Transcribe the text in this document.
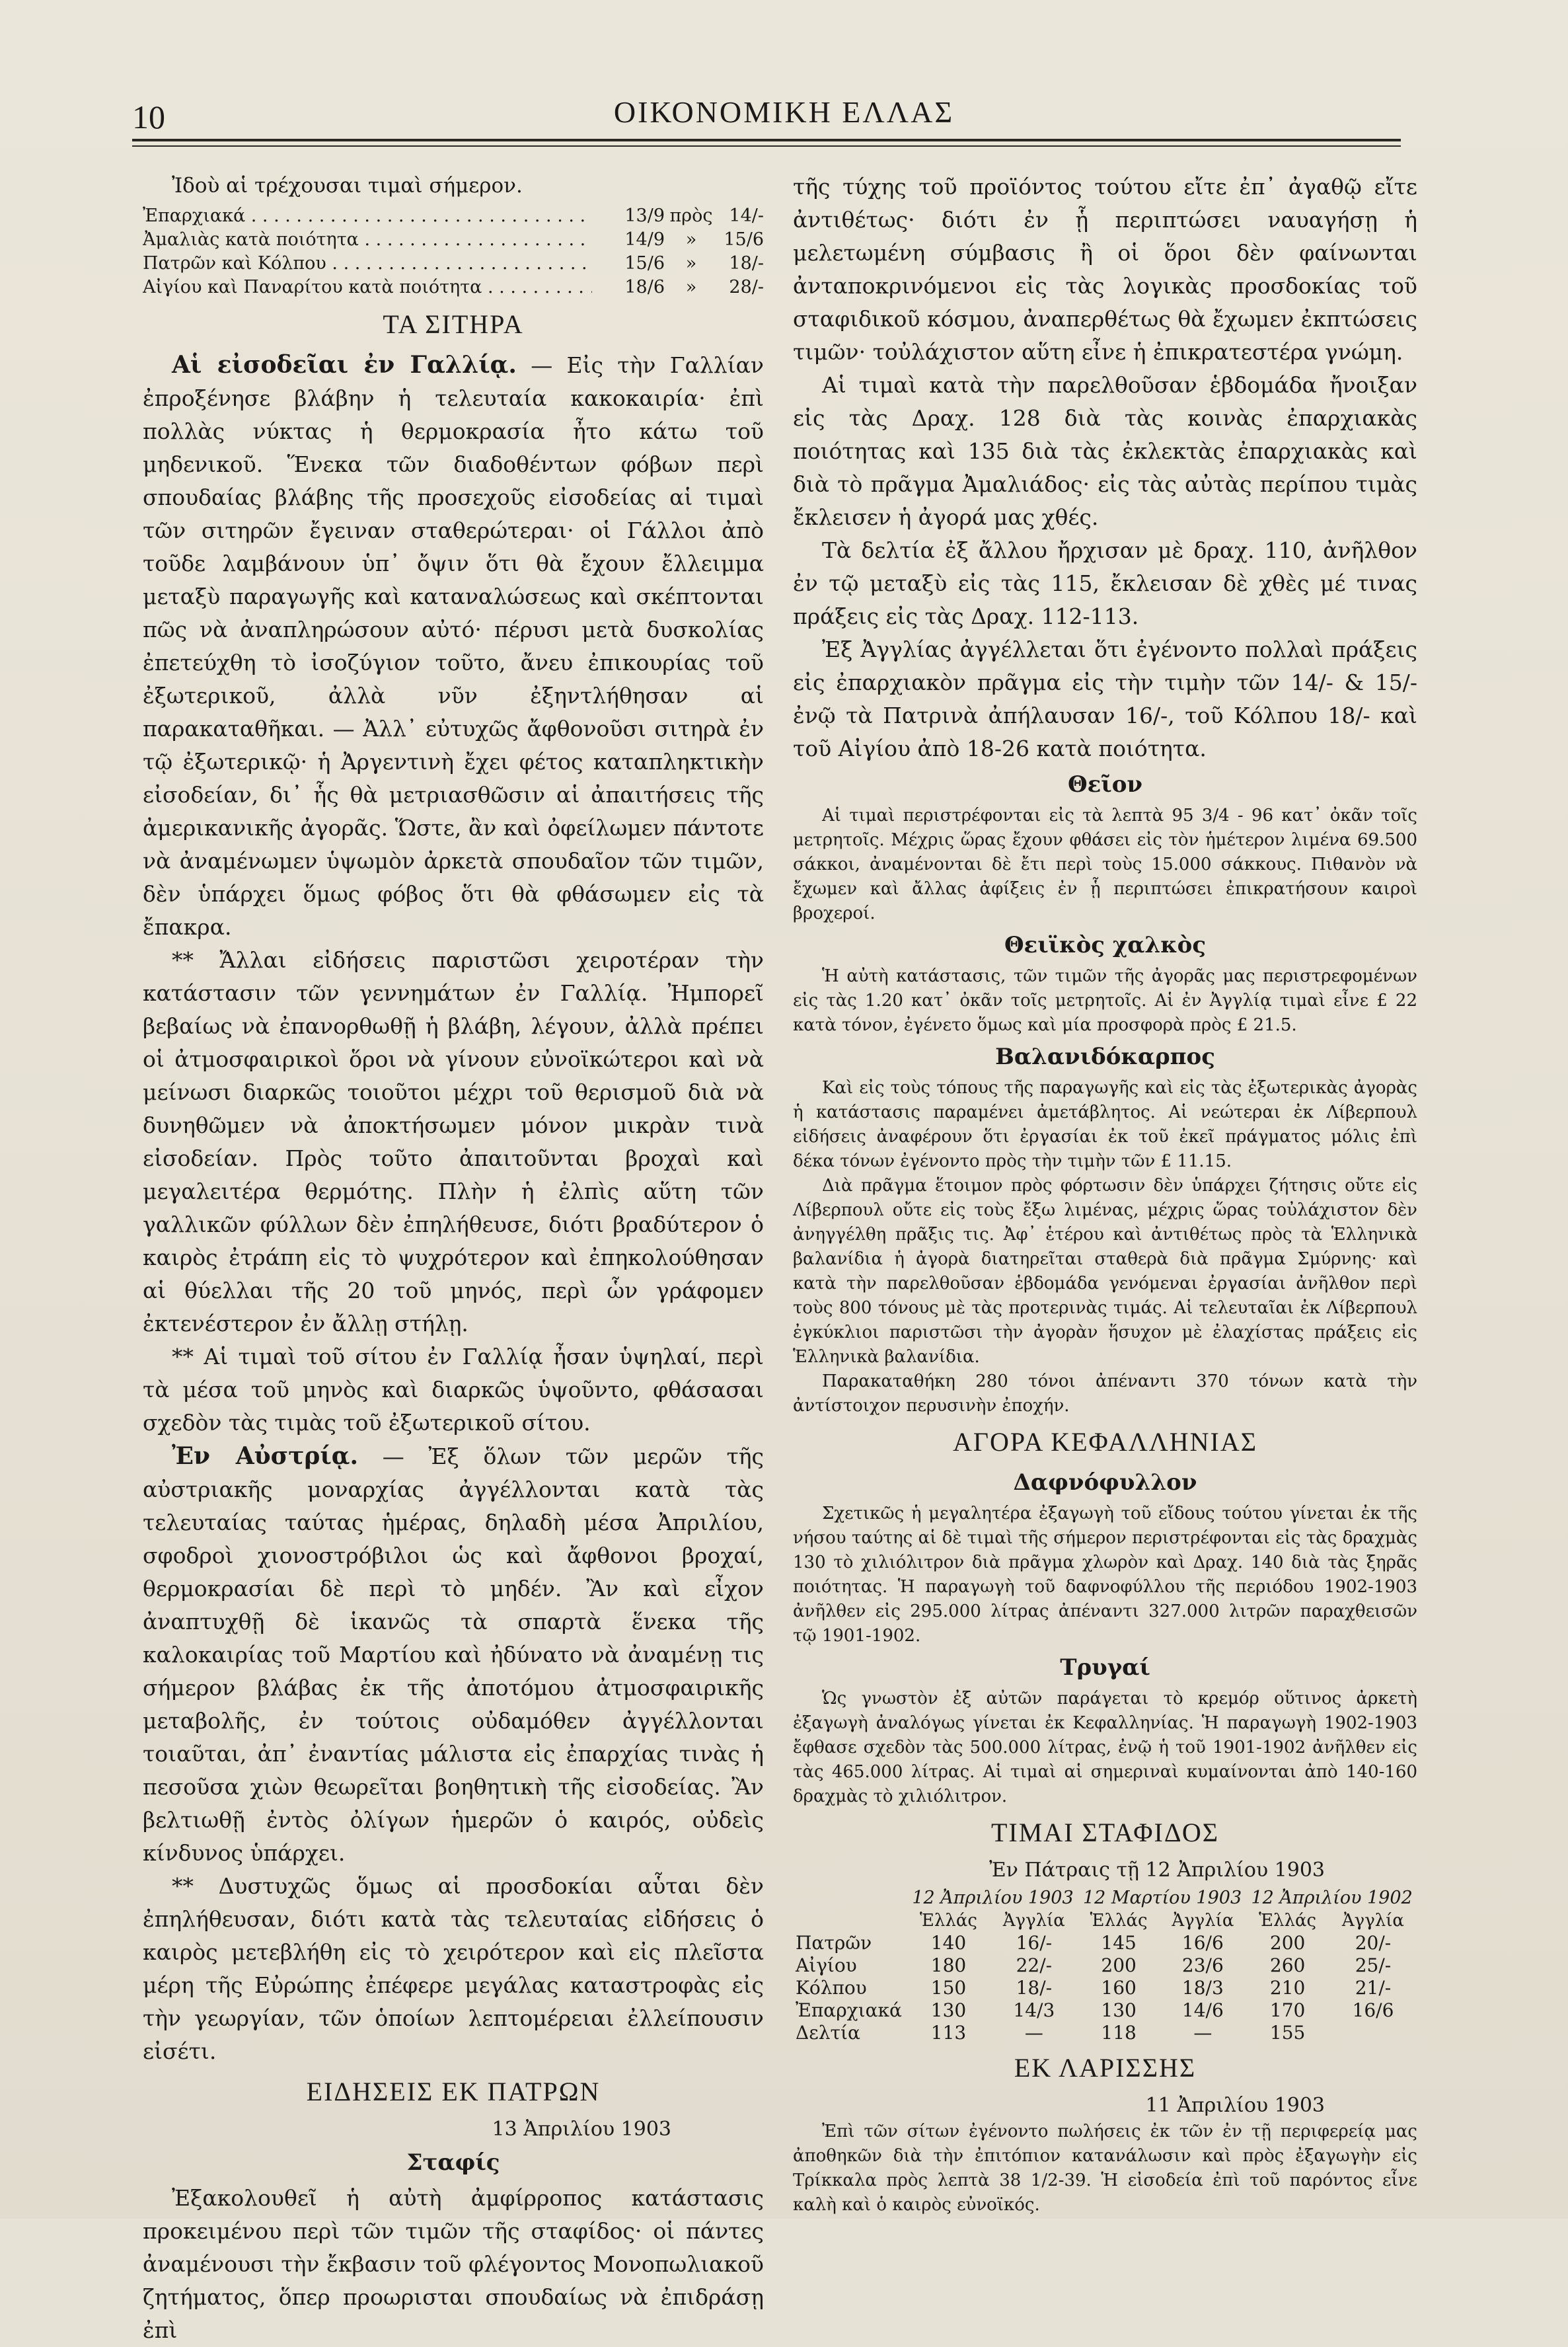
10	ΟΙΚΟΝΟΜΙΚΗ ΕΛΛΑΣ

Ἰδοὺ αἱ τρέχουσαι τιμαὶ σήμερον.

Ἐπαρχιακά . . .	13/9 πρὸς 14/-
Ἀμαλιὰς κατὰ ποιότητα . . .	14/9	»	15/6
Πατρῶν καὶ Κόλπου . . .	15/6	»	18/-
Αἰγίου καὶ Παναρίτου κατὰ ποιότητα . . .	18/6	»	28/-
ΤΑ ΣΙΤΗΡΑ

Αἱ εἰσοδεῖαι ἐν Γαλλίᾳ. — Εἰς τὴν Γαλλίαν ἐπροξένησε βλάβην ἡ τελευταία κακοκαιρία· ἐπὶ πολλὰς νύκτας ἡ θερμοκρασία ἦτο κάτω τοῦ μηδενικοῦ. Ἕνεκα τῶν διαδοθέντων φόβων περὶ σπουδαίας βλάβης τῆς προσεχοῦς εἰσοδείας αἱ τιμαὶ τῶν σιτηρῶν ἔγειναν σταθερώτεραι· οἱ Γάλλοι ἀπὸ τοῦδε λαμβάνουν ὑπ᾽ ὄψιν ὅτι θὰ ἔχουν ἔλλειμμα μεταξὺ παραγωγῆς καὶ καταναλώσεως καὶ σκέπτονται πῶς νὰ ἀναπληρώσουν αὐτό· πέρυσι μετὰ δυσκολίας ἐπετεύχθη τὸ ἰσοζύγιον τοῦτο, ἄνευ ἐπικουρίας τοῦ ἐξωτερικοῦ, ἀλλὰ νῦν ἐξηντλήθησαν αἱ παρακαταθῆκαι. — Ἀλλ᾽ εὐτυχῶς ἄφθονοῦσι σιτηρὰ ἐν τῷ ἐξωτερικῷ· ἡ Ἀργεντινὴ ἔχει φέτος καταπληκτικὴν εἰσοδείαν, δι᾽ ἧς θὰ μετριασθῶσιν αἱ ἀπαιτήσεις τῆς ἀμερικανικῆς ἀγορᾶς. Ὥστε, ἂν καὶ ὀφείλωμεν πάντοτε νὰ ἀναμένωμεν ὑψωμὸν ἀρκετὰ σπουδαῖον τῶν τιμῶν, δὲν ὑπάρχει ὅμως φόβος ὅτι θὰ φθάσωμεν εἰς τὰ ἔπακρα.

** Ἄλλαι εἰδήσεις παριστῶσι χειροτέραν τὴν κατάστασιν τῶν γεννημάτων ἐν Γαλλίᾳ. Ἠμπορεῖ βεβαίως νὰ ἐπανορθωθῇ ἡ βλάβη, λέγουν, ἀλλὰ πρέπει οἱ ἀτμοσφαιρικοὶ ὅροι νὰ γίνουν εὐνοϊκώτεροι καὶ νὰ μείνωσι διαρκῶς τοιοῦτοι μέχρι τοῦ θερισμοῦ διὰ νὰ δυνηθῶμεν νὰ ἀποκτήσωμεν μόνον μικρὰν τινὰ εἰσοδείαν. Πρὸς τοῦτο ἀπαιτοῦνται βροχαὶ καὶ μεγαλειτέρα θερμότης. Πλὴν ἡ ἐλπὶς αὕτη τῶν γαλλικῶν φύλλων δὲν ἐπηλήθευσε, διότι βραδύτερον ὁ καιρὸς ἐτράπη εἰς τὸ ψυχρότερον καὶ ἐπηκολούθησαν αἱ θύελλαι τῆς 20 τοῦ μηνός, περὶ ὧν γράφομεν ἐκτενέστερον ἐν ἄλλῃ στήλῃ.

** Αἱ τιμαὶ τοῦ σίτου ἐν Γαλλίᾳ ἦσαν ὑψηλαί, περὶ τὰ μέσα τοῦ μηνὸς καὶ διαρκῶς ὑψοῦντο, φθάσασαι σχεδὸν τὰς τιμὰς τοῦ ἐξωτερικοῦ σίτου.

Ἐν Αὐστρίᾳ. — Ἐξ ὅλων τῶν μερῶν τῆς αὐστριακῆς μοναρχίας ἀγγέλλονται κατὰ τὰς τελευταίας ταύτας ἡμέρας, δηλαδὴ μέσα Ἀπριλίου, σφοδροὶ χιονοστρόβιλοι ὡς καὶ ἄφθονοι βροχαί, θερμοκρασίαι δὲ περὶ τὸ μηδέν. Ἂν καὶ εἶχον ἀναπτυχθῇ δὲ ἱκανῶς τὰ σπαρτὰ ἕνεκα τῆς καλοκαιρίας τοῦ Μαρτίου καὶ ἠδύνατο νὰ ἀναμένῃ τις σήμερον βλάβας ἐκ τῆς ἀποτόμου ἀτμοσφαιρικῆς μεταβολῆς, ἐν τούτοις οὐδαμόθεν ἀγγέλλονται τοιαῦται, ἀπ᾽ ἐναντίας μάλιστα εἰς ἐπαρχίας τινὰς ἡ πεσοῦσα χιὼν θεωρεῖται βοηθητικὴ τῆς εἰσοδείας. Ἂν βελτιωθῇ ἐντὸς ὀλίγων ἡμερῶν ὁ καιρός, οὐδεὶς κίνδυνος ὑπάρχει.

** Δυστυχῶς ὅμως αἱ προσδοκίαι αὗται δὲν ἐπηλήθευσαν, διότι κατὰ τὰς τελευταίας εἰδήσεις ὁ καιρὸς μετεβλήθη εἰς τὸ χειρότερον καὶ εἰς πλεῖστα μέρη τῆς Εὐρώπης ἐπέφερε μεγάλας καταστροφὰς εἰς τὴν γεωργίαν, τῶν ὁποίων λεπτομέρειαι ἐλλείπουσιν εἰσέτι.

ΕΙΔΗΣΕΙΣ ΕΚ ΠΑΤΡΩΝ
13 Ἀπριλίου 1903
Σταφίς

Ἐξακολουθεῖ ἡ αὐτὴ ἀμφίρροπος κατάστασις προκειμένου περὶ τῶν τιμῶν τῆς σταφίδος· οἱ πάντες ἀναμένουσι τὴν ἔκβασιν τοῦ φλέγοντος Μονοπωλιακοῦ ζητήματος, ὅπερ προωρισται σπουδαίως νὰ ἐπιδράσῃ ἐπὶ

τῆς τύχης τοῦ προϊόντος τούτου εἴτε ἐπ᾽ ἀγαθῷ εἴτε ἀντιθέτως· διότι ἐν ᾗ περιπτώσει ναυαγήσῃ ἡ μελετωμένη σύμβασις ἢ οἱ ὅροι δὲν φαίνωνται ἀνταποκρινόμενοι εἰς τὰς λογικὰς προσδοκίας τοῦ σταφιδικοῦ κόσμου, ἀναπερθέτως θὰ ἔχωμεν ἐκπτώσεις τιμῶν· τοὐλάχιστον αὕτη εἶνε ἡ ἐπικρατεστέρα γνώμη.

Αἱ τιμαὶ κατὰ τὴν παρελθοῦσαν ἑβδομάδα ἤνοιξαν εἰς τὰς Δραχ. 128 διὰ τὰς κοινὰς ἐπαρχιακὰς ποιότητας καὶ 135 διὰ τὰς ἐκλεκτὰς ἐπαρχιακὰς καὶ διὰ τὸ πρᾶγμα Ἀμαλιάδος· εἰς τὰς αὐτὰς περίπου τιμὰς ἔκλεισεν ἡ ἀγορά μας χθές.

Τὰ δελτία ἐξ ἄλλου ἤρχισαν μὲ δραχ. 110, ἀνῆλθον ἐν τῷ μεταξὺ εἰς τὰς 115, ἔκλεισαν δὲ χθὲς μέ τινας πράξεις εἰς τὰς Δραχ. 112-113.

Ἐξ Ἀγγλίας ἀγγέλλεται ὅτι ἐγένοντο πολλαὶ πράξεις εἰς ἐπαρχιακὸν πρᾶγμα εἰς τὴν τιμὴν τῶν 14/- & 15/- ἐνῷ τὰ Πατρινὰ ἀπήλαυσαν 16/-, τοῦ Κόλπου 18/- καὶ τοῦ Αἰγίου ἀπὸ 18-26 κατὰ ποιότητα.

Θεῖον

Αἱ τιμαὶ περιστρέφονται εἰς τὰ λεπτὰ 95 3/4 - 96 κατ᾽ ὀκᾶν τοῖς μετρητοῖς. Μέχρις ὥρας ἔχουν φθάσει εἰς τὸν ἡμέτερον λιμένα 69.500 σάκκοι, ἀναμένονται δὲ ἔτι περὶ τοὺς 15.000 σάκκους. Πιθανὸν νὰ ἔχωμεν καὶ ἄλλας ἀφίξεις ἐν ᾗ περιπτώσει ἐπικρατήσουν καιροὶ βροχεροί.

Θειϊκὸς χαλκὸς

Ἡ αὐτὴ κατάστασις, τῶν τιμῶν τῆς ἀγορᾶς μας περιστρεφομένων εἰς τὰς 1.20 κατ᾽ ὀκᾶν τοῖς μετρητοῖς. Αἱ ἐν Ἀγγλίᾳ τιμαὶ εἶνε £ 22 κατὰ τόνον, ἐγένετο ὅμως καὶ μία προσφορὰ πρὸς £ 21.5.

Βαλανιδόκαρπος

Καὶ εἰς τοὺς τόπους τῆς παραγωγῆς καὶ εἰς τὰς ἐξωτερικὰς ἀγορὰς ἡ κατάστασις παραμένει ἀμετάβλητος. Αἱ νεώτεραι ἐκ Λίβερπουλ εἰδήσεις ἀναφέρουν ὅτι ἐργασίαι ἐκ τοῦ ἐκεῖ πράγματος μόλις ἐπὶ δέκα τόνων ἐγένοντο πρὸς τὴν τιμὴν τῶν £ 11.15.

Διὰ πρᾶγμα ἕτοιμον πρὸς φόρτωσιν δὲν ὑπάρχει ζήτησις οὔτε εἰς Λίβερπουλ οὔτε εἰς τοὺς ἔξω λιμένας, μέχρις ὥρας τοὐλάχιστον δὲν ἀνηγγέλθη πρᾶξις τις. Ἀφ᾽ ἑτέρου καὶ ἀντιθέτως πρὸς τὰ Ἑλληνικὰ βαλανίδια ἡ ἀγορὰ διατηρεῖται σταθερὰ διὰ πρᾶγμα Σμύρνης· καὶ κατὰ τὴν παρελθοῦσαν ἑβδομάδα γενόμεναι ἐργασίαι ἀνῆλθον περὶ τοὺς 800 τόνους μὲ τὰς προτερινὰς τιμάς. Αἱ τελευταῖαι ἐκ Λίβερπουλ ἐγκύκλιοι παριστῶσι τὴν ἀγορὰν ἥσυχον μὲ ἐλαχίστας πράξεις εἰς Ἑλληνικὰ βαλανίδια.

Παρακαταθήκη 280 τόνοι ἀπέναντι 370 τόνων κατὰ τὴν ἀντίστοιχον περυσινὴν ἐποχήν.

ΑΓΟΡΑ ΚΕΦΑΛΛΗΝΙΑΣ
Δαφνόφυλλον

Σχετικῶς ἡ μεγαλητέρα ἐξαγωγὴ τοῦ εἴδους τούτου γίνεται ἐκ τῆς νήσου ταύτης αἱ δὲ τιμαὶ τῆς σήμερον περιστρέφονται εἰς τὰς δραχμὰς 130 τὸ χιλιόλιτρον διὰ πρᾶγμα χλωρὸν καὶ Δραχ. 140 διὰ τὰς ξηρᾶς ποιότητας. Ἡ παραγωγὴ τοῦ δαφνοφύλλου τῆς περιόδου 1902-1903 ἀνῆλθεν εἰς 295.000 λίτρας ἀπέναντι 327.000 λιτρῶν παραχθεισῶν τῷ 1901-1902.

Τρυγαί

Ὡς γνωστὸν ἐξ αὐτῶν παράγεται τὸ κρεμόρ οὕτινος ἀρκετὴ ἐξαγωγὴ ἀναλόγως γίνεται ἐκ Κεφαλληνίας. Ἡ παραγωγὴ 1902-1903 ἔφθασε σχεδὸν τὰς 500.000 λίτρας, ἐνῷ ἡ τοῦ 1901-1902 ἀνῆλθεν εἰς τὰς 465.000 λίτρας. Αἱ τιμαὶ αἱ σημεριναὶ κυμαίνονται ἀπὸ 140-160 δραχμὰς τὸ χιλιόλιτρον.

ΤΙΜΑΙ ΣΤΑΦΙΔΟΣ
Ἐν Πάτραις τῇ 12 Ἀπριλίου 1903
	12 Ἀπριλίου 1903		12 Μαρτίου 1903		12 Ἀπριλίου 1902	
	Ἑλλάς	Ἀγγλία	Ἑλλάς	Ἀγγλία	Ἑλλάς	Ἀγγλία
Πατρῶν	140	16/-	145	16/6	200	20/-
Αἰγίου	180	22/-	200	23/6	260	25/-
Κόλπου	150	18/-	160	18/3	210	21/-
Ἐπαρχιακά	130	14/3	130	14/6	170	16/6
Δελτία	113	—	118	—	155	
ΕΚ ΛΑΡΙΣΣΗΣ
11 Ἀπριλίου 1903

Ἐπὶ τῶν σίτων ἐγένοντο πωλήσεις ἐκ τῶν ἐν τῇ περιφερείᾳ μας ἀποθηκῶν διὰ τὴν ἐπιτόπιον κατανάλωσιν καὶ πρὸς ἐξαγωγὴν εἰς Τρίκκαλα πρὸς λεπτὰ 38 1/2-39. Ἡ εἰσοδεία ἐπὶ τοῦ παρόντος εἶνε καλὴ καὶ ὁ καιρὸς εὐνοϊκός.
